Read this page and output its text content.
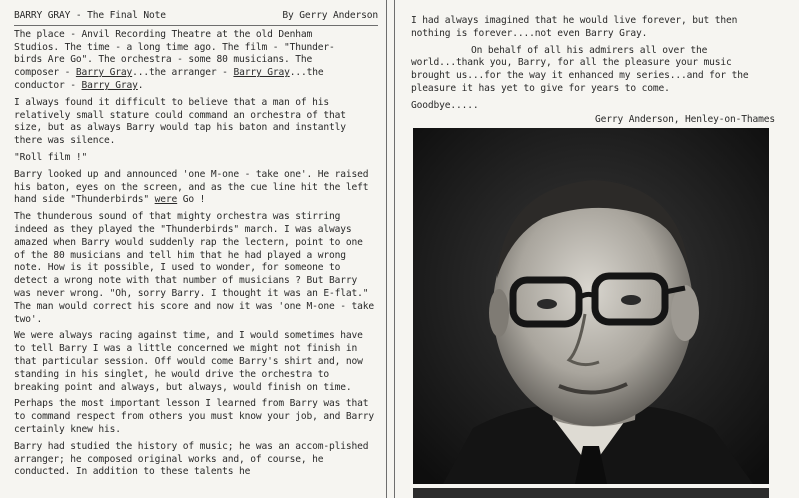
BARRY GRAY - The Final Note	By Gerry Anderson

The place - Anvil Recording Theatre at the old Denham
Studios. The time - a long time ago. The film - "Thunder-
birds Are Go". The orchestra - some 80 musicians. The
composer - Barry Gray...the arranger - Barry Gray...the
conductor - Barry Gray.

I always found it difficult to believe that a man of his relatively small stature could command an orchestra of that size, but as always Barry would tap his baton and instantly there was silence.

"Roll film !"

Barry looked up and announced 'one M-one - take one'. He raised his baton, eyes on the screen, and as the cue line hit the left hand side "Thunderbirds" were Go !

The thunderous sound of that mighty orchestra was stirring indeed as they played the "Thunderbirds" march. I was always amazed when Barry would suddenly rap the lectern, point to one of the 80 musicians and tell him that he had played a wrong note. How is it possible, I used to wonder, for someone to detect a wrong note with that number of musicians ? But Barry was never wrong. "Oh, sorry Barry. I thought it was an E-flat." The man would correct his score and now it was 'one M-one - take two'.

We were always racing against time, and I would sometimes have to tell Barry I was a little concerned we might not finish in that particular session. Off would come Barry's shirt and, now standing in his singlet, he would drive the orchestra to breaking point and always, but always, would finish on time.

Perhaps the most important lesson I learned from Barry was that to command respect from others you must know your job, and Barry certainly knew his.

Barry had studied the history of music; he was an accom-plished arranger; he composed original works and, of course, he conducted. In addition to these talents he

I had always imagined that he would live forever, but then nothing is forever....not even Barry Gray.

On behalf of all his admirers all over the world...thank you, Barry, for all the pleasure your music brought us...for the way it enhanced my series...and for the pleasure it has yet to give for years to come.

Goodbye.....
Gerry Anderson, Henley-on-Thames
